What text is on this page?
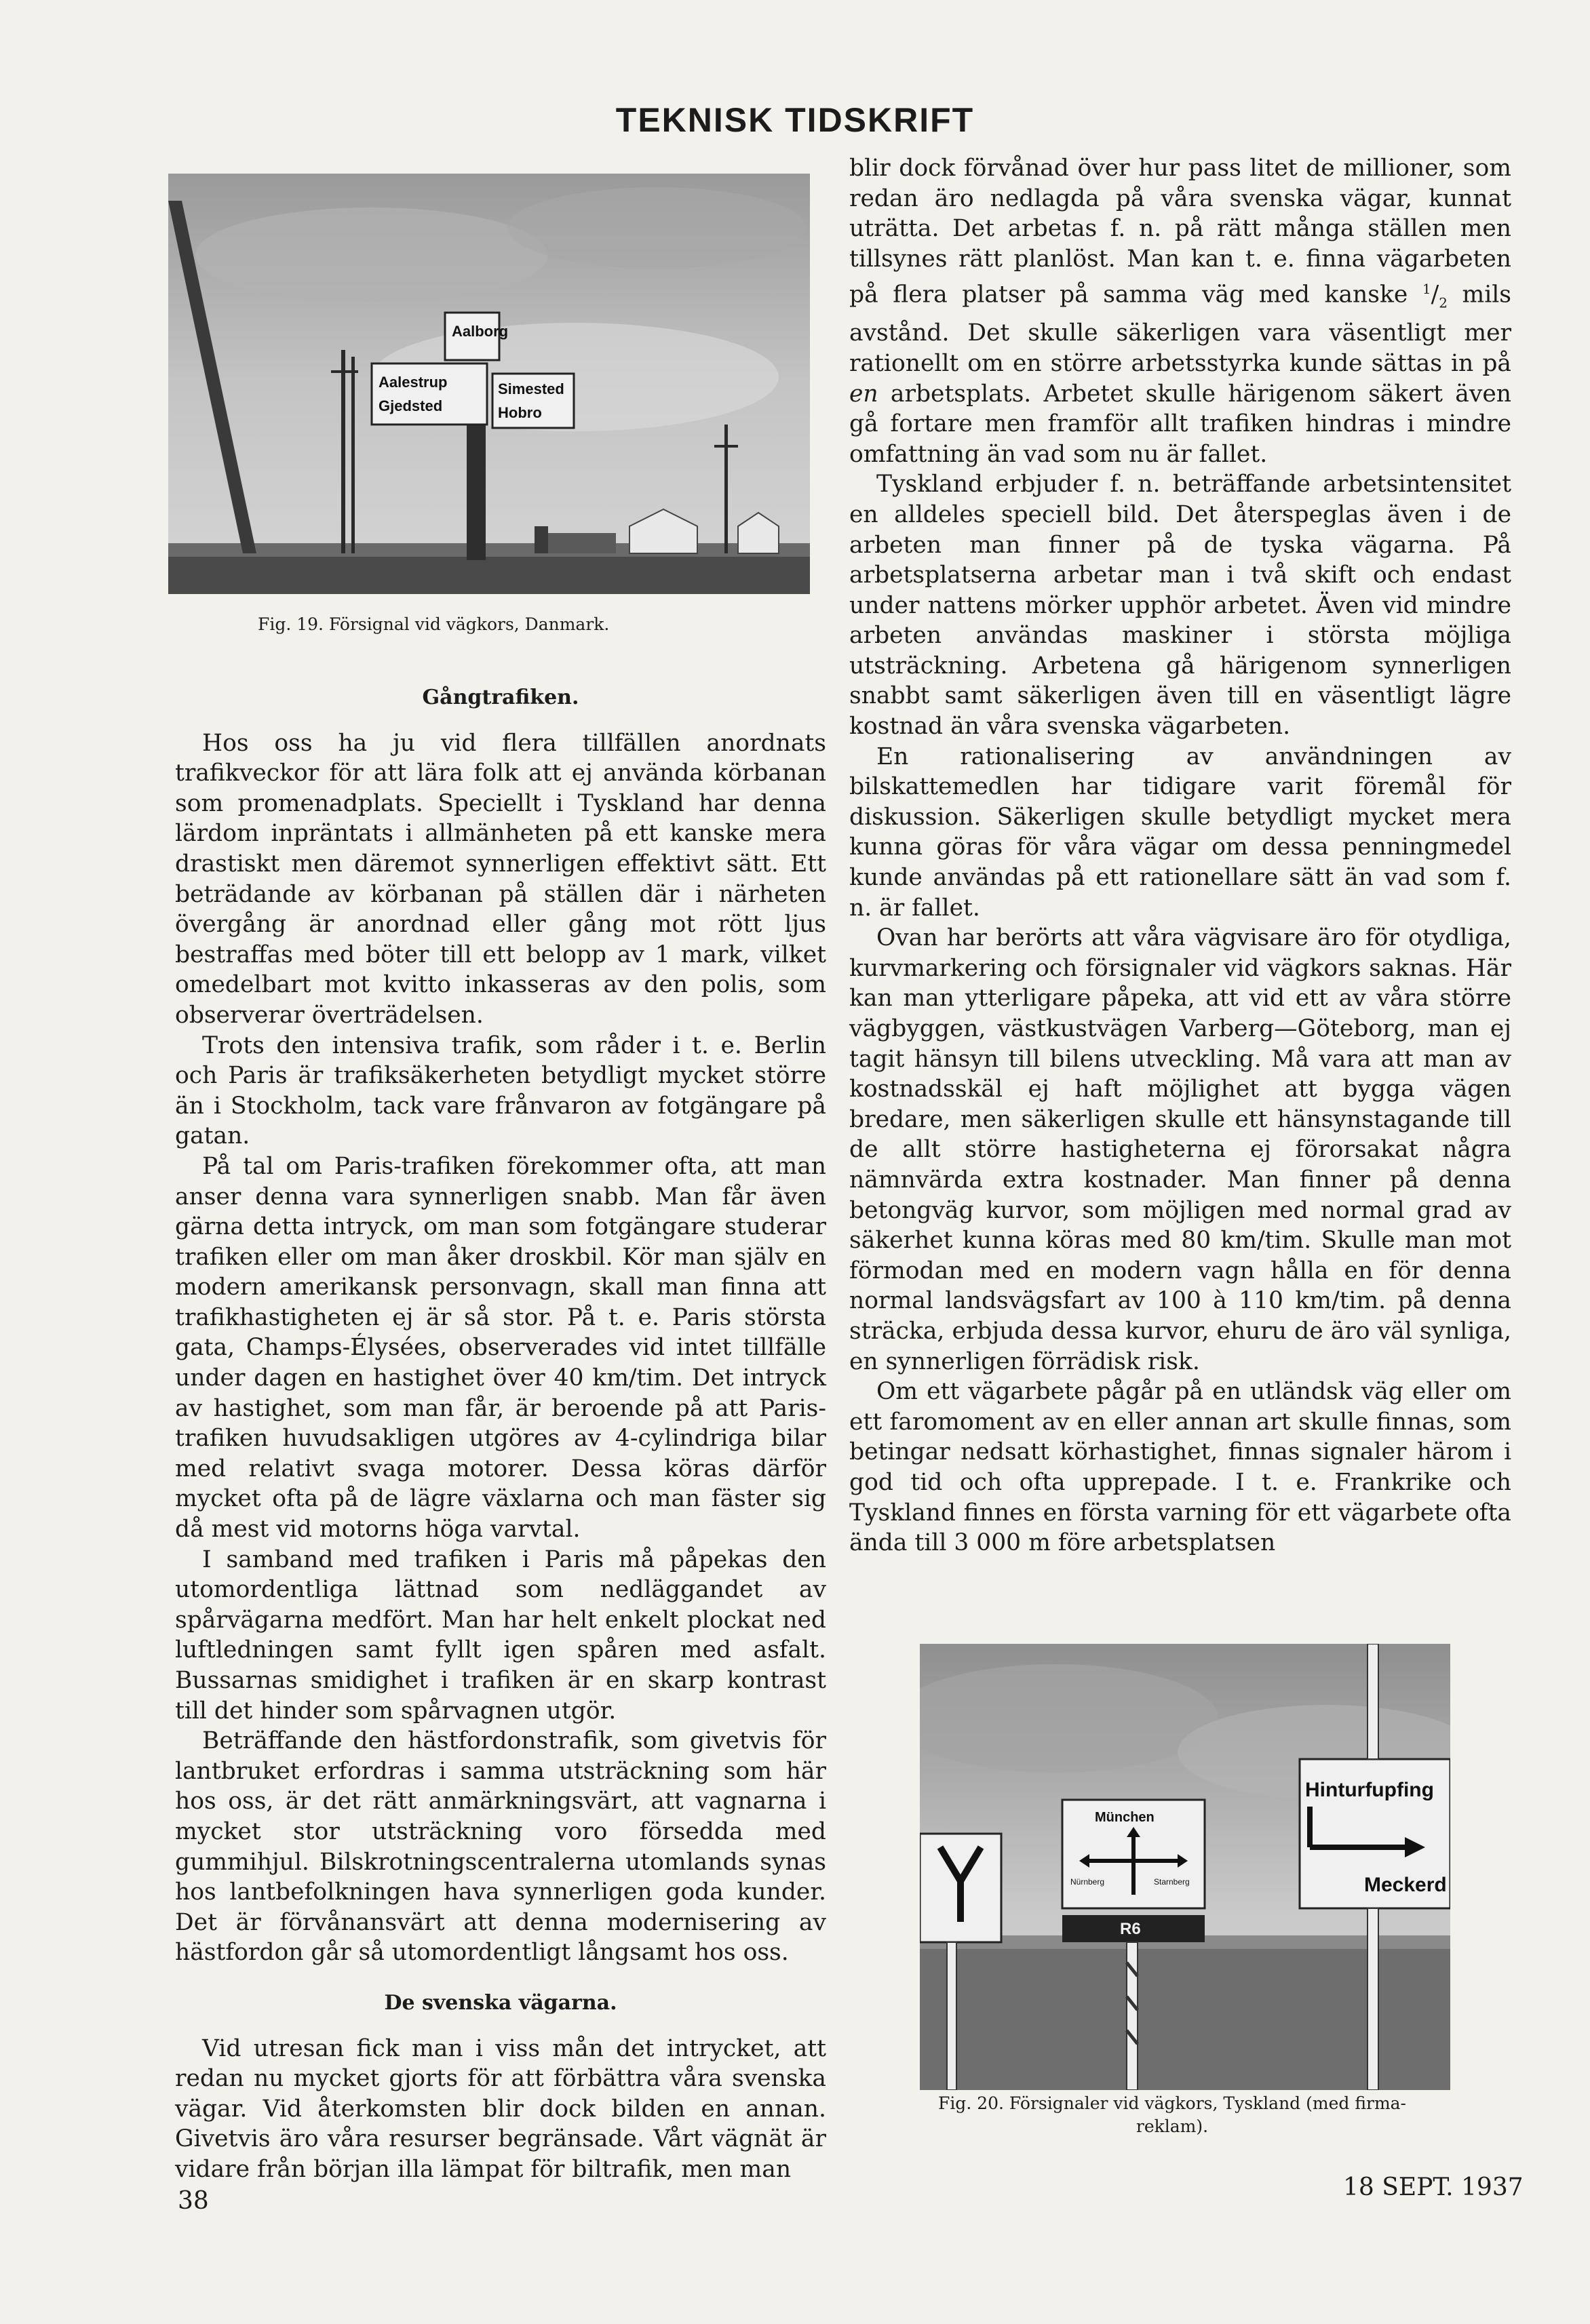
TEKNISK TIDSKRIFT
Aalborg
Aalestrup
Gjedsted
Simested
Hobro
Fig. 19. Försignal vid vägkors, Danmark.
Gångtrafiken.

Hos oss ha ju vid flera tillfällen anordnats trafikveckor för att lära folk att ej använda körbanan som promenadplats. Speciellt i Tyskland har denna lärdom inpräntats i allmänheten på ett kanske mera drastiskt men däremot synnerligen effektivt sätt. Ett beträdande av körbanan på ställen där i närheten övergång är anordnad eller gång mot rött ljus bestraffas med böter till ett belopp av 1 mark, vilket omedelbart mot kvitto inkasseras av den polis, som observerar överträdelsen.

Trots den intensiva trafik, som råder i t. e. Berlin och Paris är trafiksäkerheten betydligt mycket större än i Stockholm, tack vare frånvaron av fotgängare på gatan.

På tal om Paris-trafiken förekommer ofta, att man anser denna vara synnerligen snabb. Man får även gärna detta intryck, om man som fotgängare studerar trafiken eller om man åker droskbil. Kör man själv en modern amerikansk personvagn, skall man finna att trafikhastigheten ej är så stor. På t. e. Paris största gata, Champs-Élysées, observerades vid intet tillfälle under dagen en hastighet över 40 km/tim. Det intryck av hastighet, som man får, är beroende på att Paris-trafiken huvudsakligen utgöres av 4-cylindriga bilar med relativt svaga motorer. Dessa köras därför mycket ofta på de lägre växlarna och man fäster sig då mest vid motorns höga varvtal.

I samband med trafiken i Paris må påpekas den utomordentliga lättnad som nedläggandet av spårvägarna medfört. Man har helt enkelt plockat ned luftledningen samt fyllt igen spåren med asfalt. Bussarnas smidighet i trafiken är en skarp kontrast till det hinder som spårvagnen utgör.

Beträffande den hästfordonstrafik, som givetvis för lantbruket erfordras i samma utsträckning som här hos oss, är det rätt anmärkningsvärt, att vagnarna i mycket stor utsträckning voro försedda med gummihjul. Bilskrotningscentralerna utomlands synas hos lantbefolkningen hava synnerligen goda kunder. Det är förvånansvärt att denna modernisering av hästfordon går så utomordentligt långsamt hos oss.

De svenska vägarna.

Vid utresan fick man i viss mån det intrycket, att redan nu mycket gjorts för att förbättra våra svenska vägar. Vid återkomsten blir dock bilden en annan. Givetvis äro våra resurser begränsade. Vårt vägnät är vidare från början illa lämpat för biltrafik, men man

blir dock förvånad över hur pass litet de millioner, som redan äro nedlagda på våra svenska vägar, kunnat uträtta. Det arbetas f. n. på rätt många ställen men tillsynes rätt planlöst. Man kan t. e. finna vägarbeten på flera platser på samma väg med kanske $^1/_2$ mils avstånd. Det skulle säkerligen vara väsentligt mer rationellt om en större arbetsstyrka kunde sättas in på en arbetsplats. Arbetet skulle härigenom säkert även gå fortare men framför allt trafiken hindras i mindre omfattning än vad som nu är fallet.

Tyskland erbjuder f. n. beträffande arbetsintensitet en alldeles speciell bild. Det återspeglas även i de arbeten man finner på de tyska vägarna. På arbetsplatserna arbetar man i två skift och endast under nattens mörker upphör arbetet. Även vid mindre arbeten användas maskiner i största möjliga utsträckning. Arbetena gå härigenom synnerligen snabbt samt säkerligen även till en väsentligt lägre kostnad än våra svenska vägarbeten.

En rationalisering av användningen av bilskattemedlen har tidigare varit föremål för diskussion. Säkerligen skulle betydligt mycket mera kunna göras för våra vägar om dessa penningmedel kunde användas på ett rationellare sätt än vad som f. n. är fallet.

Ovan har berörts att våra vägvisare äro för otydliga, kurvmarkering och försignaler vid vägkors saknas. Här kan man ytterligare påpeka, att vid ett av våra större vägbyggen, västkustvägen Varberg—Göteborg, man ej tagit hänsyn till bilens utveckling. Må vara att man av kostnadsskäl ej haft möjlighet att bygga vägen bredare, men säkerligen skulle ett hänsynstagande till de allt större hastigheterna ej förorsakat några nämnvärda extra kostnader. Man finner på denna betongväg kurvor, som möjligen med normal grad av säkerhet kunna köras med 80 km/tim. Skulle man mot förmodan med en modern vagn hålla en för denna normal landsvägsfart av 100 à 110 km/tim. på denna sträcka, erbjuda dessa kurvor, ehuru de äro väl synliga, en synnerligen förrädisk risk.

Om ett vägarbete pågår på en utländsk väg eller om ett faromoment av en eller annan art skulle finnas, som betingar nedsatt körhastighet, finnas signaler härom i god tid och ofta upprepade. I t. e. Frankrike och Tyskland finnes en första varning för ett vägarbete ofta ända till 3 000 m före arbetsplatsen

München
Nürnberg	Starnberg
R6
Hinturfupfing
Meckerd
Fig. 20. Försignaler vid vägkors, Tyskland (med firma-
reklam).
38	18 SEPT. 1937
